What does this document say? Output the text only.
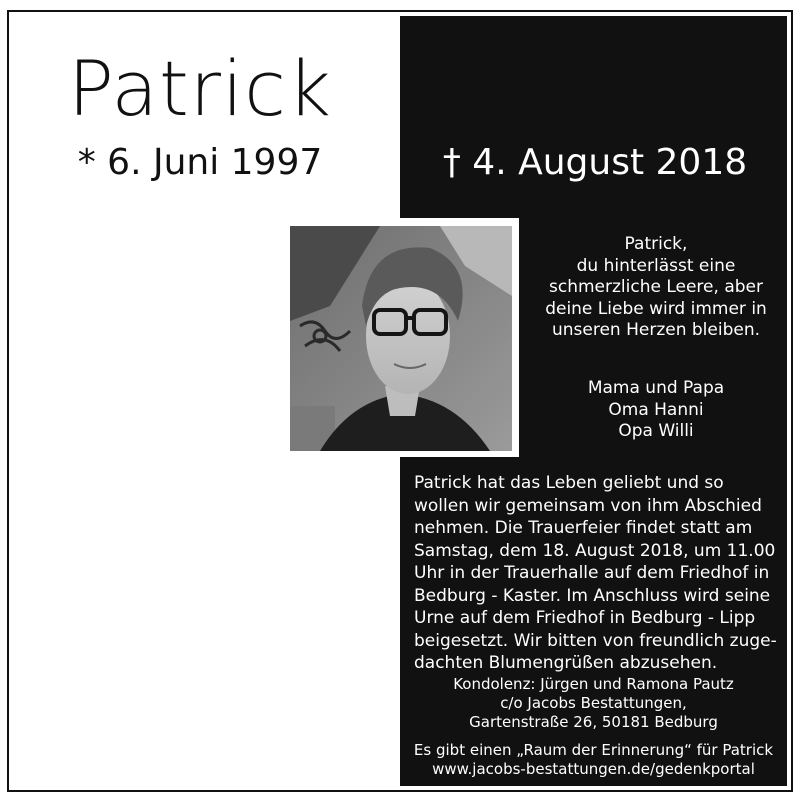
Patrick
* 6. Juni 1997	† 4. August 2018
Patrick,
du hinterlässt eine
schmerzliche Leere, aber
deine Liebe wird immer in
unseren Herzen bleiben.
Mama und Papa
Oma Hanni
Opa Willi
Patrick hat das Leben geliebt und so
wollen wir gemeinsam von ihm Abschied
nehmen. Die Trauerfeier findet statt am
Samstag, dem 18. August 2018, um 11.00
Uhr in der Trauerhalle auf dem Friedhof in
Bedburg - Kaster. Im Anschluss wird seine
Urne auf dem Friedhof in Bedburg - Lipp
beigesetzt. Wir bitten von freundlich zuge-
dachten Blumengrüßen abzusehen.
Kondolenz: Jürgen und Ramona Pautz
c/o Jacobs Bestattungen,
Gartenstraße 26, 50181 Bedburg
Es gibt einen „Raum der Erinnerung“ für Patrick
www.jacobs-bestattungen.de/gedenkportal
